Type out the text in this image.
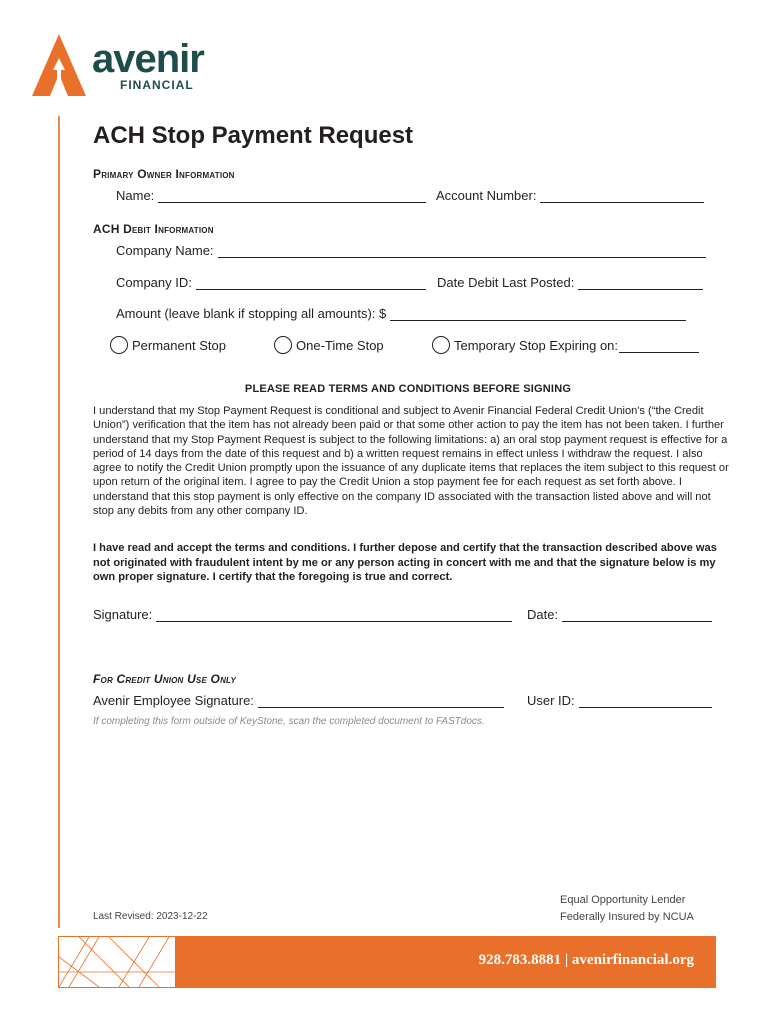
avenir
FINANCIAL
ACH Stop Payment Request
Primary Owner Information
Name:	Account Number:
ACH Debit Information
Company Name:
Company ID:	Date Debit Last Posted:
Amount (leave blank if stopping all amounts): $
Permanent Stop	One-Time Stop	Temporary Stop Expiring on:
PLEASE READ TERMS AND CONDITIONS BEFORE SIGNING
I understand that my Stop Payment Request is conditional and subject to Avenir Financial Federal Credit Union's (“the Credit Union”) verification that the item has not already been paid or that some other action to pay the item has not been taken. I further understand that my Stop Payment Request is subject to the following limitations: a) an oral stop payment request is effective for a period of 14 days from the date of this request and b) a written request remains in effect unless I withdraw the request. I also agree to notify the Credit Union promptly upon the issuance of any duplicate items that replaces the item subject to this request or upon return of the original item. I agree to pay the Credit Union a stop payment fee for each request as set forth above. I understand that this stop payment is only effective on the company ID associated with the transaction listed above and will not stop any debits from any other company ID.
I have read and accept the terms and conditions. I further depose and certify that the transaction described above was not originated with fraudulent intent by me or any person acting in concert with me and that the signature below is my own proper signature. I certify that the foregoing is true and correct.
Signature:	Date:
For Credit Union Use Only
Avenir Employee Signature:	User ID:
If completing this form outside of KeyStone, scan the completed document to FASTdocs.
Equal Opportunity Lender
Federally Insured by NCUA
Last Revised: 2023-12-22
928.783.8881 | avenirfinancial.org
